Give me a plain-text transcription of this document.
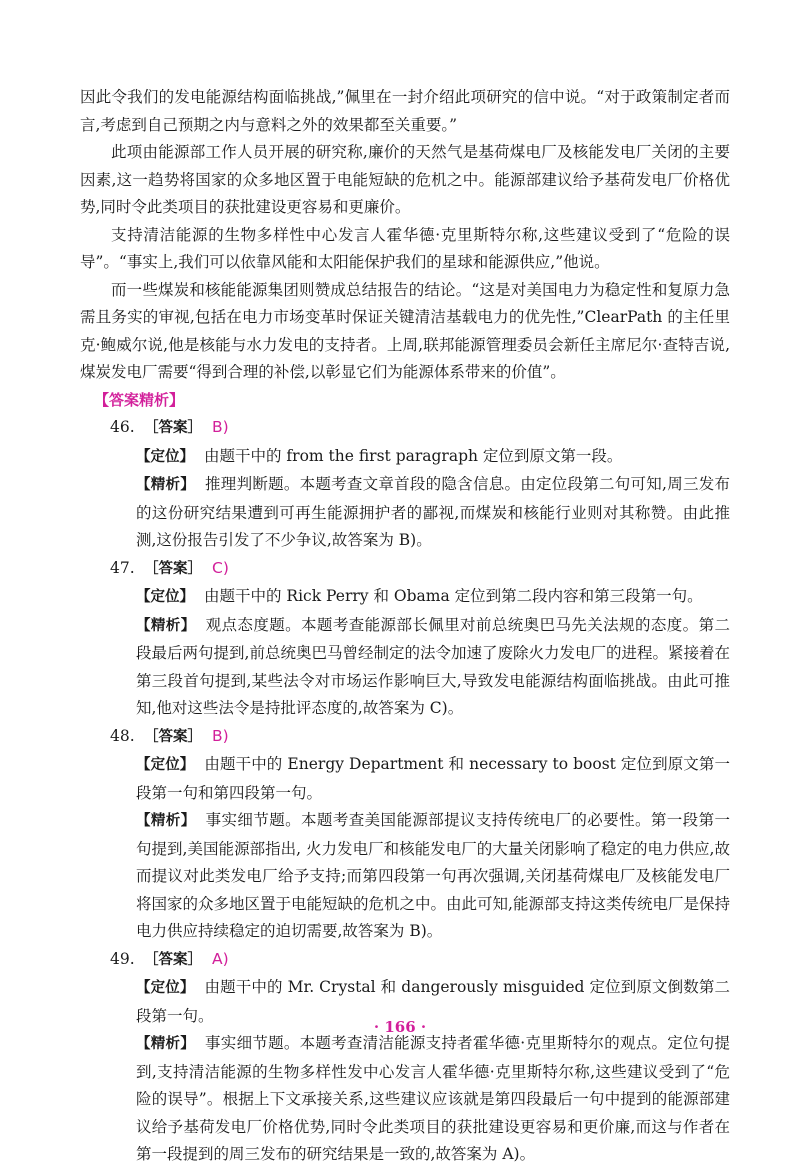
因此令我们的发电能源结构面临挑战,”佩里在一封介绍此项研究的信中说。“对于政策制定者而言,考虑到自己预期之内与意料之外的效果都至关重要。”

此项由能源部工作人员开展的研究称,廉价的天然气是基荷煤电厂及核能发电厂关闭的主要因素,这一趋势将国家的众多地区置于电能短缺的危机之中。能源部建议给予基荷发电厂价格优势,同时令此类项目的获批建设更容易和更廉价。

支持清洁能源的生物多样性中心发言人霍华德·克里斯特尔称,这些建议受到了“危险的误导”。“事实上,我们可以依靠风能和太阳能保护我们的星球和能源供应,”他说。

而一些煤炭和核能能源集团则赞成总结报告的结论。“这是对美国电力为稳定性和复原力急需且务实的审视,包括在电力市场变革时保证关键清洁基载电力的优先性,”ClearPath 的主任里克·鲍威尔说,他是核能与水力发电的支持者。上周,联邦能源管理委员会新任主席尼尔·查特吉说,煤炭发电厂需要“得到合理的补偿,以彰显它们为能源体系带来的价值”。

【答案精析】

46. ［答案］ B)

【定位】 由题干中的 from the first paragraph 定位到原文第一段。

【精析】 推理判断题。本题考查文章首段的隐含信息。由定位段第二句可知,周三发布的这份研究结果遭到可再生能源拥护者的鄙视,而煤炭和核能行业则对其称赞。由此推测,这份报告引发了不少争议,故答案为 B)。

47. ［答案］ C)

【定位】 由题干中的 Rick Perry 和 Obama 定位到第二段内容和第三段第一句。

【精析】 观点态度题。本题考查能源部长佩里对前总统奥巴马先关法规的态度。第二段最后两句提到,前总统奥巴马曾经制定的法令加速了废除火力发电厂的进程。紧接着在第三段首句提到,某些法令对市场运作影响巨大,导致发电能源结构面临挑战。由此可推知,他对这些法令是持批评态度的,故答案为 C)。

48. ［答案］ B)

【定位】 由题干中的 Energy Department 和 necessary to boost 定位到原文第一段第一句和第四段第一句。

【精析】 事实细节题。本题考查美国能源部提议支持传统电厂的必要性。第一段第一句提到,美国能源部指出, 火力发电厂和核能发电厂的大量关闭影响了稳定的电力供应,故而提议对此类发电厂给予支持;而第四段第一句再次强调,关闭基荷煤电厂及核能发电厂将国家的众多地区置于电能短缺的危机之中。由此可知,能源部支持这类传统电厂是保持电力供应持续稳定的迫切需要,故答案为 B)。

49. ［答案］ A)

【定位】 由题干中的 Mr. Crystal 和 dangerously misguided 定位到原文倒数第二段第一句。

【精析】 事实细节题。本题考查清洁能源支持者霍华德·克里斯特尔的观点。定位句提到,支持清洁能源的生物多样性发中心发言人霍华德·克里斯特尔称,这些建议受到了“危险的误导”。根据上下文承接关系,这些建议应该就是第四段最后一句中提到的能源部建议给予基荷发电厂价格优势,同时令此类项目的获批建设更容易和更价廉,而这与作者在第一段提到的周三发布的研究结果是一致的,故答案为 A)。

· 166 ·
